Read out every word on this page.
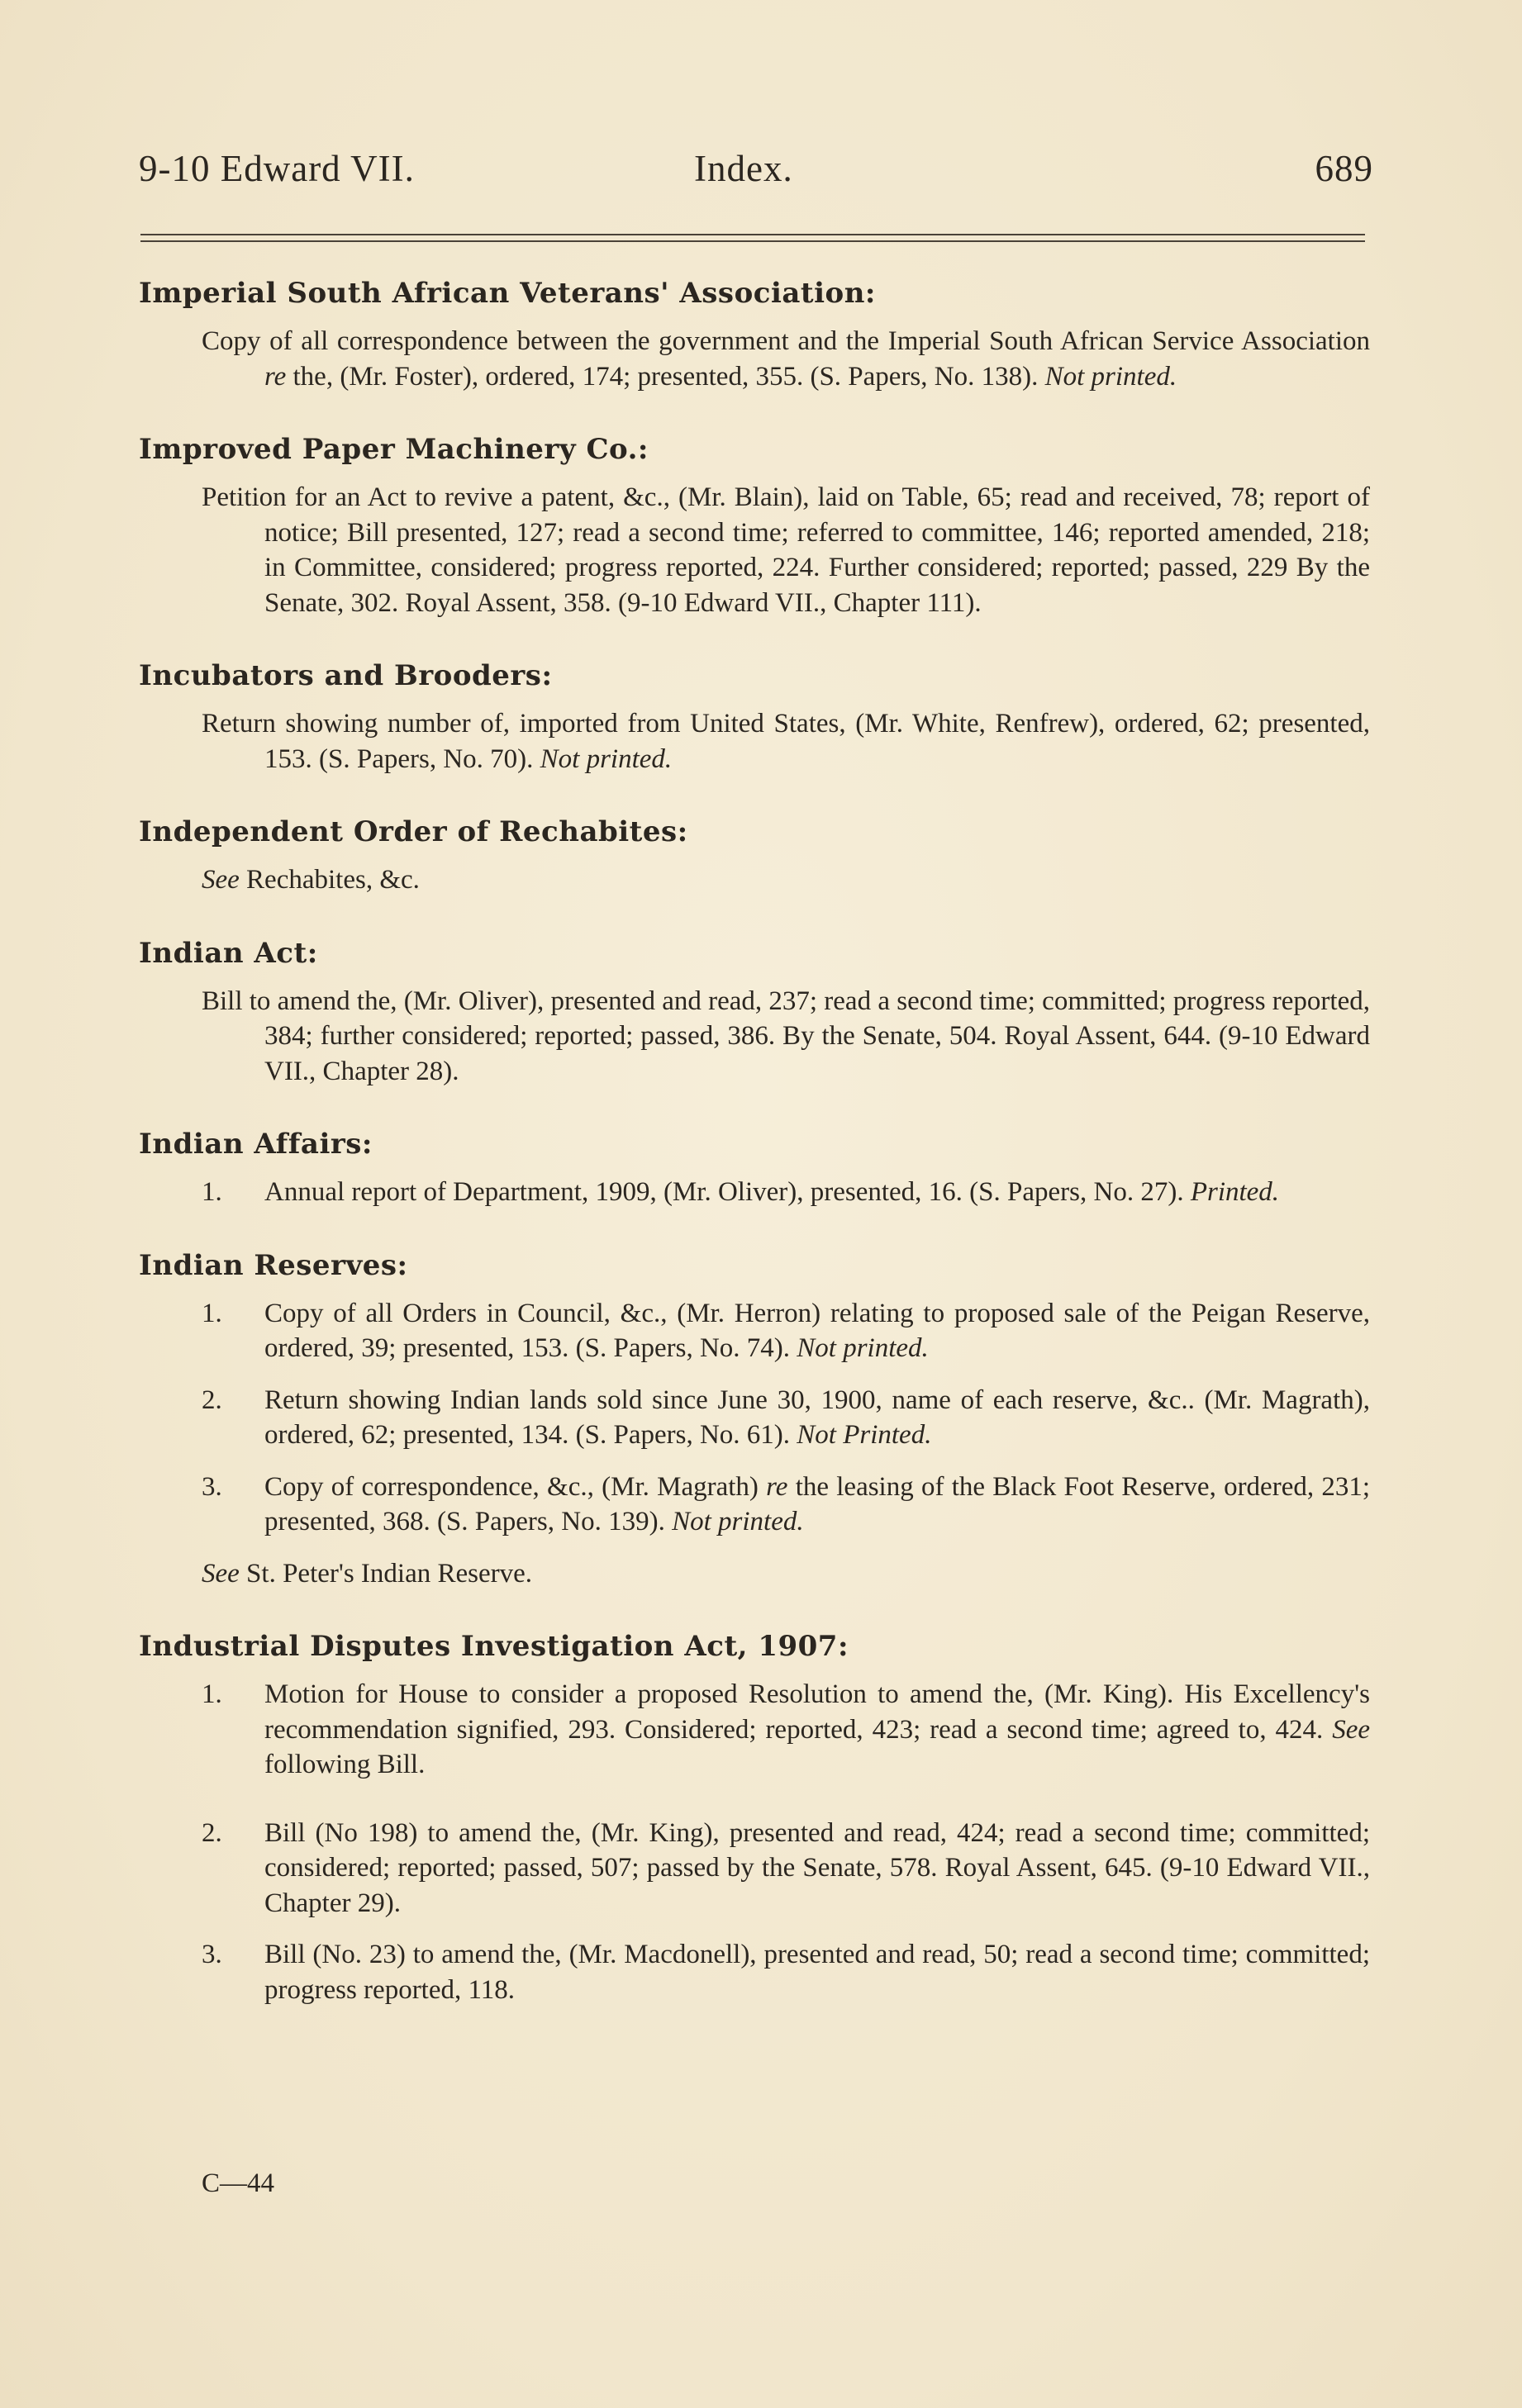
9-10 Edward VII.	Index.	689
Imperial South African Veterans' Association:
Copy of all correspondence between the government and the Imperial South African Service Association re the, (Mr. Foster), ordered, 174; presented, 355. (S. Papers, No. 138). Not printed.
Improved Paper Machinery Co.:
Petition for an Act to revive a patent, &c., (Mr. Blain), laid on Table, 65; read and received, 78; report of notice; Bill presented, 127; read a second time; referred to committee, 146; reported amended, 218; in Committee, considered; progress reported, 224. Further considered; reported; passed, 229 By the Senate, 302. Royal Assent, 358. (9-10 Edward VII., Chapter 111).
Incubators and Brooders:
Return showing number of, imported from United States, (Mr. White, Renfrew), ordered, 62; presented, 153. (S. Papers, No. 70). Not printed.
Independent Order of Rechabites:
See Rechabites, &c.
Indian Act:
Bill to amend the, (Mr. Oliver), presented and read, 237; read a second time; committed; progress reported, 384; further considered; reported; passed, 386. By the Senate, 504. Royal Assent, 644. (9-10 Edward VII., Chapter 28).
Indian Affairs:
1. Annual report of Department, 1909, (Mr. Oliver), presented, 16. (S. Papers, No. 27). Printed.
Indian Reserves:
1. Copy of all Orders in Council, &c., (Mr. Herron) relating to proposed sale of the Peigan Reserve, ordered, 39; presented, 153. (S. Papers, No. 74). Not printed.
2. Return showing Indian lands sold since June 30, 1900, name of each reserve, &c.. (Mr. Magrath), ordered, 62; presented, 134. (S. Papers, No. 61). Not Printed.
3. Copy of correspondence, &c., (Mr. Magrath) re the leasing of the Black Foot Reserve, ordered, 231; presented, 368. (S. Papers, No. 139). Not printed.
See St. Peter's Indian Reserve.
Industrial Disputes Investigation Act, 1907:
1. Motion for House to consider a proposed Resolution to amend the, (Mr. King). His Excellency's recommendation signified, 293. Considered; reported, 423; read a second time; agreed to, 424. See following Bill.
2. Bill (No 198) to amend the, (Mr. King), presented and read, 424; read a second time; committed; considered; reported; passed, 507; passed by the Senate, 578. Royal Assent, 645. (9-10 Edward VII., Chapter 29).
3. Bill (No. 23) to amend the, (Mr. Macdonell), presented and read, 50; read a second time; committed; progress reported, 118.
C—44
